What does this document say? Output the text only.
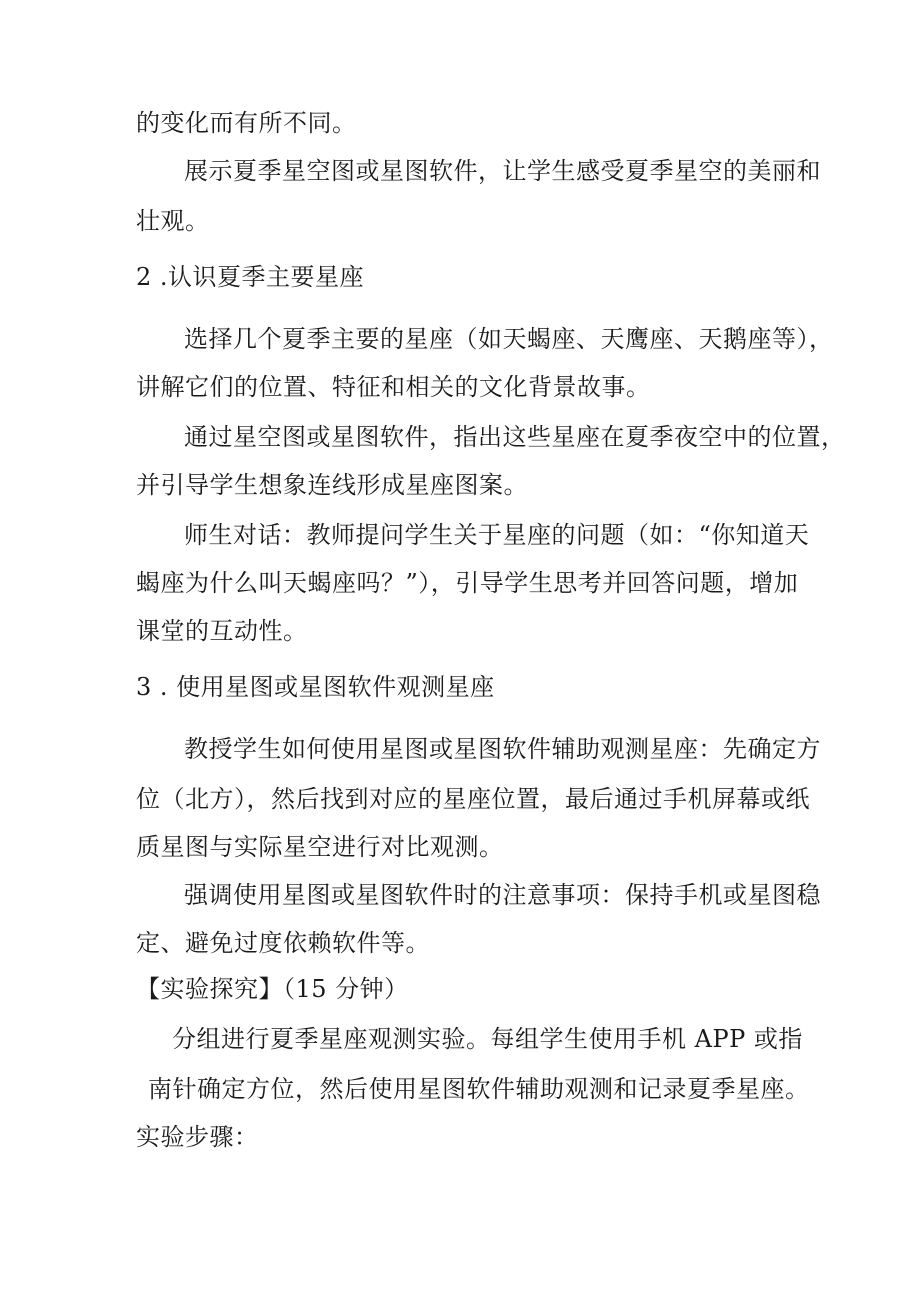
的变化而有所不同。
展示夏季星空图或星图软件，让学生感受夏季星空的美丽和
壮观。
2 .认识夏季主要星座
选择几个夏季主要的星座（如天蝎座、天鹰座、天鹅座等），
讲解它们的位置、特征和相关的文化背景故事。
通过星空图或星图软件，指出这些星座在夏季夜空中的位置，
并引导学生想象连线形成星座图案。
师生对话：教师提问学生关于星座的问题（如：“你知道天
蝎座为什么叫天蝎座吗？”），引导学生思考并回答问题，增加
课堂的互动性。
3 . 使用星图或星图软件观测星座
教授学生如何使用星图或星图软件辅助观测星座：先确定方
位（北方），然后找到对应的星座位置，最后通过手机屏幕或纸
质星图与实际星空进行对比观测。
强调使用星图或星图软件时的注意事项：保持手机或星图稳
定、避免过度依赖软件等。
【实验探究】（15 分钟）
分组进行夏季星座观测实验。每组学生使用手机 APP 或指
南针确定方位，然后使用星图软件辅助观测和记录夏季星座。
实验步骤：
